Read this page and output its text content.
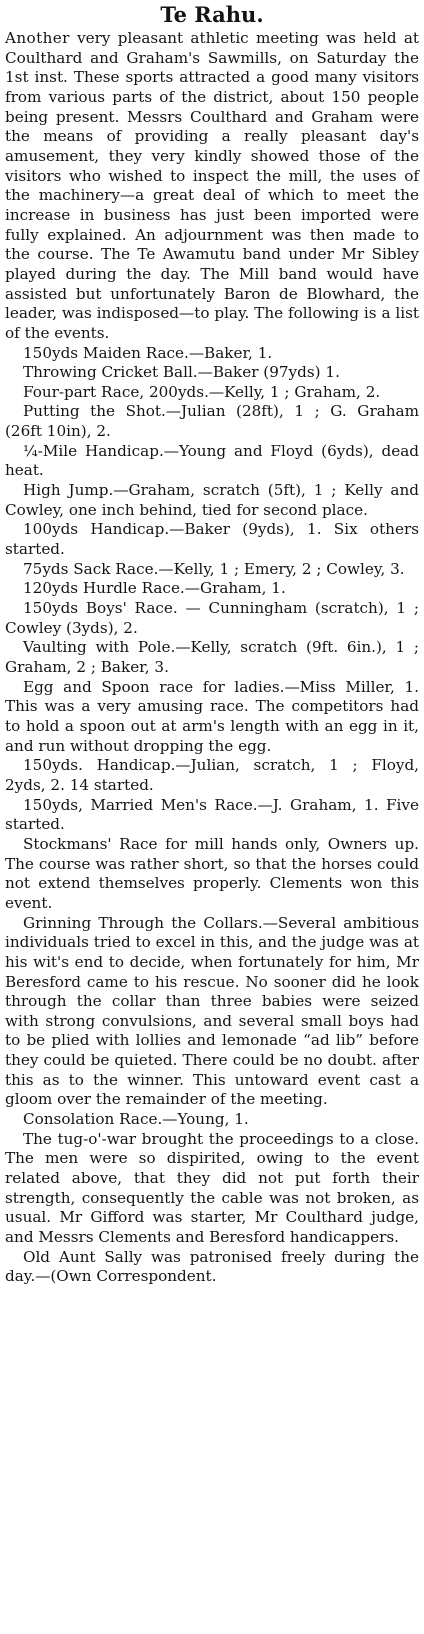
Te Rahu.

Another very pleasant athletic meeting was held at Coulthard and Graham's Sawmills, on Saturday the 1st inst. These sports attracted a good many visitors from various parts of the district, about 150 people being present. Messrs Coulthard and Graham were the means of providing a really pleasant day's amusement, they very kindly showed those of the visitors who wished to inspect the mill, the uses of the machinery—a great deal of which to meet the increase in business has just been imported were fully explained. An adjournment was then made to the course. The Te Awamutu band under Mr Sibley played during the day. The Mill band would have assisted but unfortunately Baron de Blowhard, the leader, was indisposed—to play. The following is a list of the events.

150yds Maiden Race.—Baker, 1.

Throwing Cricket Ball.—Baker (97yds) 1.

Four-part Race, 200yds.—Kelly, 1 ; Graham, 2.

Putting the Shot.—Julian (28ft), 1 ; G. Graham (26ft 10in), 2.

¼-Mile Handicap.—Young and Floyd (6yds), dead heat.

High Jump.—Graham, scratch (5ft), 1 ; Kelly and Cowley, one inch behind, tied for second place.

100yds Handicap.—Baker (9yds), 1. Six others started.

75yds Sack Race.—Kelly, 1 ; Emery, 2 ; Cowley, 3.

120yds Hurdle Race.—Graham, 1.

150yds Boys' Race. — Cunningham (scratch), 1 ; Cowley (3yds), 2.

Vaulting with Pole.—Kelly, scratch (9ft. 6in.), 1 ; Graham, 2 ; Baker, 3.

Egg and Spoon race for ladies.—Miss Miller, 1. This was a very amusing race. The competitors had to hold a spoon out at arm's length with an egg in it, and run without dropping the egg.

150yds. Handicap.—Julian, scratch, 1 ; Floyd, 2yds, 2. 14 started.

150yds, Married Men's Race.—J. Graham, 1. Five started.

Stockmans' Race for mill hands only, Owners up. The course was rather short, so that the horses could not extend themselves properly. Clements won this event.

Grinning Through the Collars.—Several ambitious individuals tried to excel in this, and the judge was at his wit's end to decide, when fortunately for him, Mr Beresford came to his rescue. No sooner did he look through the collar than three babies were seized with strong convulsions, and several small boys had to be plied with lollies and lemonade “ad lib” before they could be quieted. There could be no doubt. after this as to the winner. This untoward event cast a gloom over the remainder of the meeting.

Consolation Race.—Young, 1.

The tug-o'-war brought the proceedings to a close. The men were so dispirited, owing to the event related above, that they did not put forth their strength, consequently the cable was not broken, as usual. Mr Gifford was starter, Mr Coulthard judge, and Messrs Clements and Beresford handicappers.

Old Aunt Sally was patronised freely during the day.—(Own Correspondent.
